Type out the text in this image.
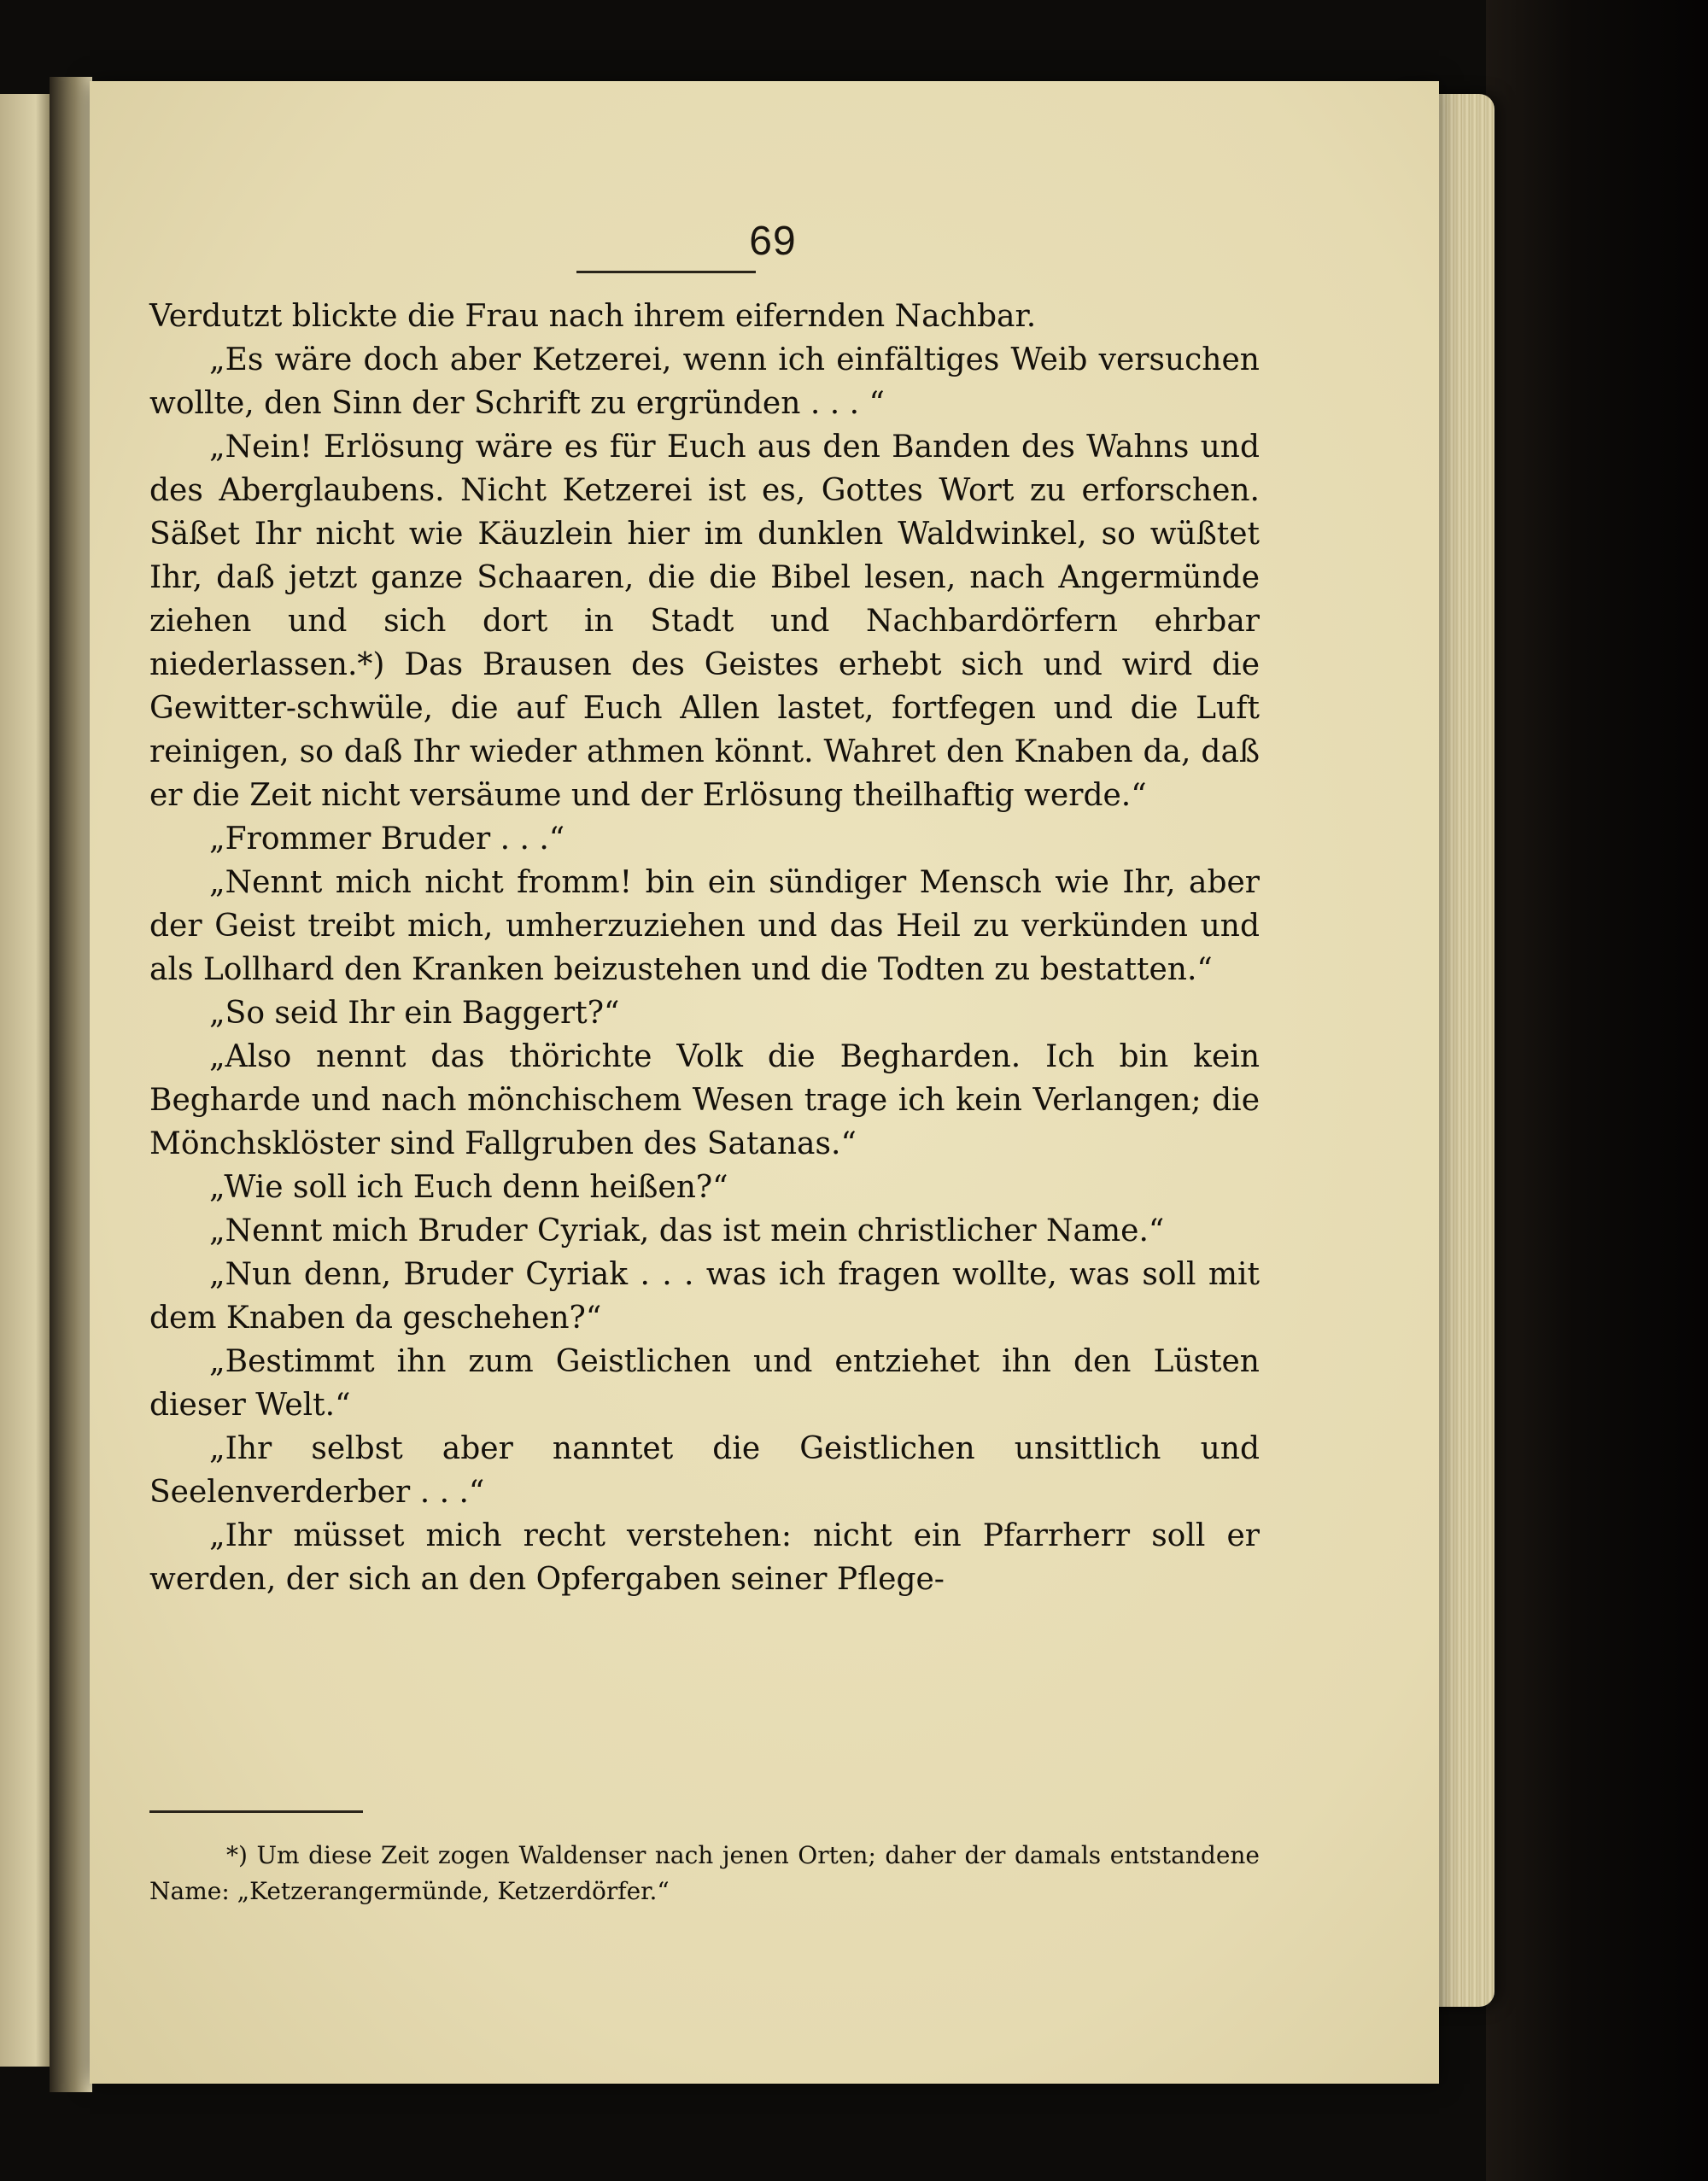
69

Verdutzt blickte die Frau nach ihrem eifernden Nachbar.

„Es wäre doch aber Ketzerei, wenn ich einfältiges Weib versuchen wollte, den Sinn der Schrift zu ergründen . . . “

„Nein! Erlösung wäre es für Euch aus den Banden des Wahns und des Aberglaubens. Nicht Ketzerei ist es, Gottes Wort zu erforschen. Säßet Ihr nicht wie Käuzlein hier im dunklen Waldwinkel, so wüßtet Ihr, daß jetzt ganze Schaaren, die die Bibel lesen, nach Angermünde ziehen und sich dort in Stadt und Nachbardörfern ehrbar niederlassen.*) Das Brausen des Geistes erhebt sich und wird die Gewitter-schwüle, die auf Euch Allen lastet, fortfegen und die Luft reinigen, so daß Ihr wieder athmen könnt. Wahret den Knaben da, daß er die Zeit nicht versäume und der Erlösung theilhaftig werde.“

„Frommer Bruder . . .“

„Nennt mich nicht fromm! bin ein sündiger Mensch wie Ihr, aber der Geist treibt mich, umherzuziehen und das Heil zu verkünden und als Lollhard den Kranken beizustehen und die Todten zu bestatten.“

„So seid Ihr ein Baggert?“

„Also nennt das thörichte Volk die Begharden. Ich bin kein Begharde und nach mönchischem Wesen trage ich kein Verlangen; die Mönchsklöster sind Fallgruben des Satanas.“

„Wie soll ich Euch denn heißen?“

„Nennt mich Bruder Cyriak, das ist mein christlicher Name.“

„Nun denn, Bruder Cyriak . . . was ich fragen wollte, was soll mit dem Knaben da geschehen?“

„Bestimmt ihn zum Geistlichen und entziehet ihn den Lüsten dieser Welt.“

„Ihr selbst aber nanntet die Geistlichen unsittlich und Seelenverderber . . .“

„Ihr müsset mich recht verstehen: nicht ein Pfarrherr soll er werden, der sich an den Opfergaben seiner Pflege-

*) Um diese Zeit zogen Waldenser nach jenen Orten; daher der damals entstandene Name: „Ketzerangermünde, Ketzerdörfer.“
